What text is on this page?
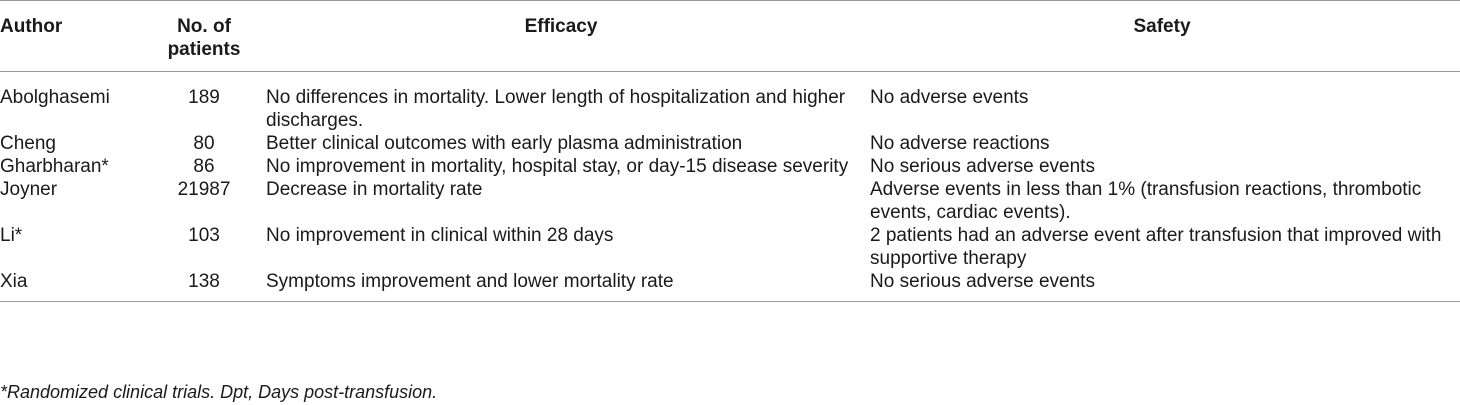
Author	No. of patients	Efficacy	Safety
Abolghasemi	189	No differences in mortality. Lower length of hospitalization and higher discharges.	No adverse events
Cheng	80	Better clinical outcomes with early plasma administration	No adverse reactions
Gharbharan*	86	No improvement in mortality, hospital stay, or day-15 disease severity	No serious adverse events
Joyner	21987	Decrease in mortality rate	Adverse events in less than 1% (transfusion reactions, thrombotic events, cardiac events).
Li*	103	No improvement in clinical within 28 days	2 patients had an adverse event after transfusion that improved with supportive therapy
Xia	138	Symptoms improvement and lower mortality rate	No serious adverse events
*Randomized clinical trials. Dpt, Days post-transfusion.
